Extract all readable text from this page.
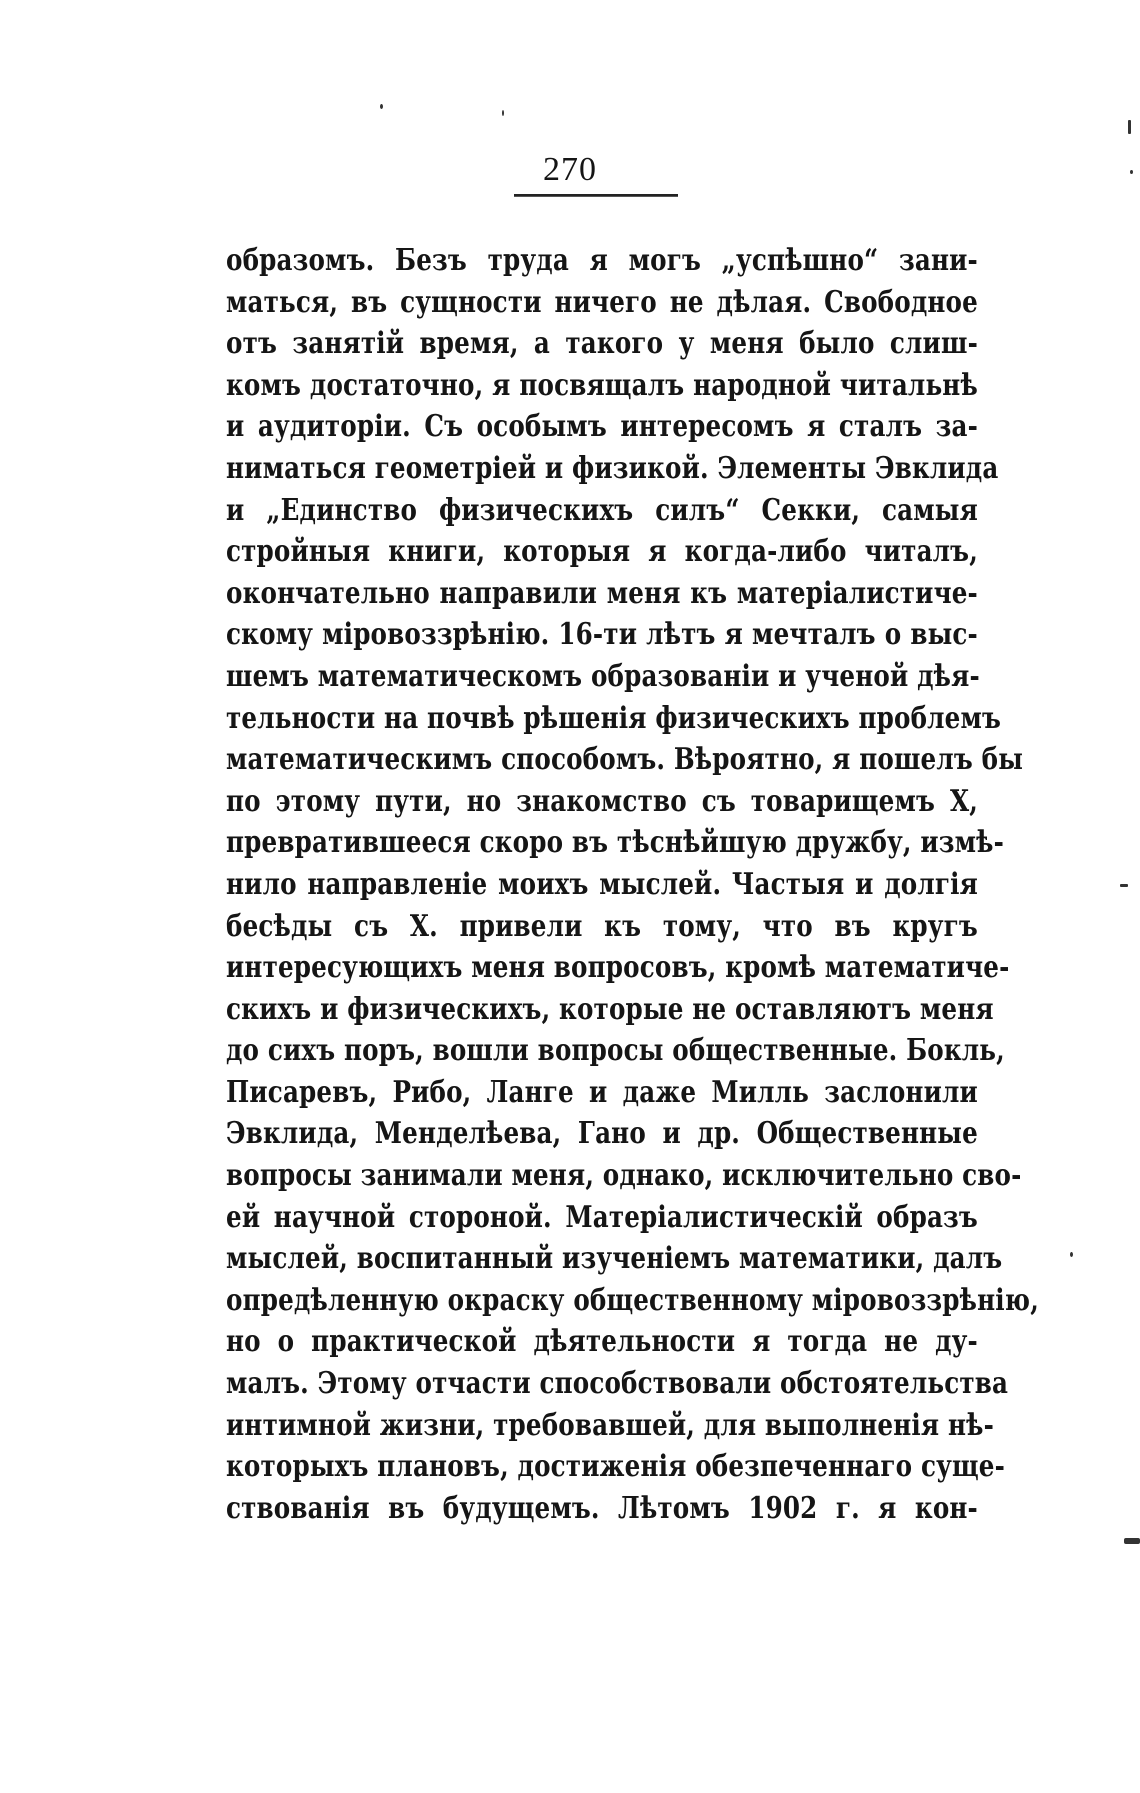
270
образомъ. Безъ труда я могъ „успѣшно“ зани-
маться, въ сущности ничего не дѣлая. Свободное
отъ занятій время, а такого у меня было слиш-
комъ достаточно, я посвящалъ народной читальнѣ
и аудиторіи. Съ особымъ интересомъ я сталъ за-
ниматься геометріей и физикой. Элементы Эвклида
и „Единство физическихъ силъ“ Секки, самыя
стройныя книги, которыя я когда-либо читалъ,
окончательно направили меня къ матеріалистиче-
скому міровоззрѣнію. 16-ти лѣтъ я мечталъ о выс-
шемъ математическомъ образованіи и ученой дѣя-
тельности на почвѣ рѣшенія физическихъ проблемъ
математическимъ способомъ. Вѣроятно, я пошелъ бы
по этому пути, но знакомство съ товарищемъ X,
превратившееся скоро въ тѣснѣйшую дружбу, измѣ-
нило направленіе моихъ мыслей. Частыя и долгія
бесѣды съ X. привели къ тому, что въ кругъ
интересующихъ меня вопросовъ, кромѣ математиче-
скихъ и физическихъ, которые не оставляютъ меня
до сихъ поръ, вошли вопросы общественные. Бокль,
Писаревъ, Рибо, Ланге и даже Милль заслонили
Эвклида, Менделѣева, Гано и др. Общественные
вопросы занимали меня, однако, исключительно сво-
ей научной стороной. Матеріалистическій образъ
мыслей, воспитанный изученіемъ математики, далъ
опредѣленную окраску общественному міровоззрѣнію,
но о практической дѣятельности я тогда не ду-
малъ. Этому отчасти способствовали обстоятельства
интимной жизни, требовавшей, для выполненія нѣ-
которыхъ плановъ, достиженія обезпеченнаго суще-
ствованія въ будущемъ. Лѣтомъ 1902 г. я кон-
